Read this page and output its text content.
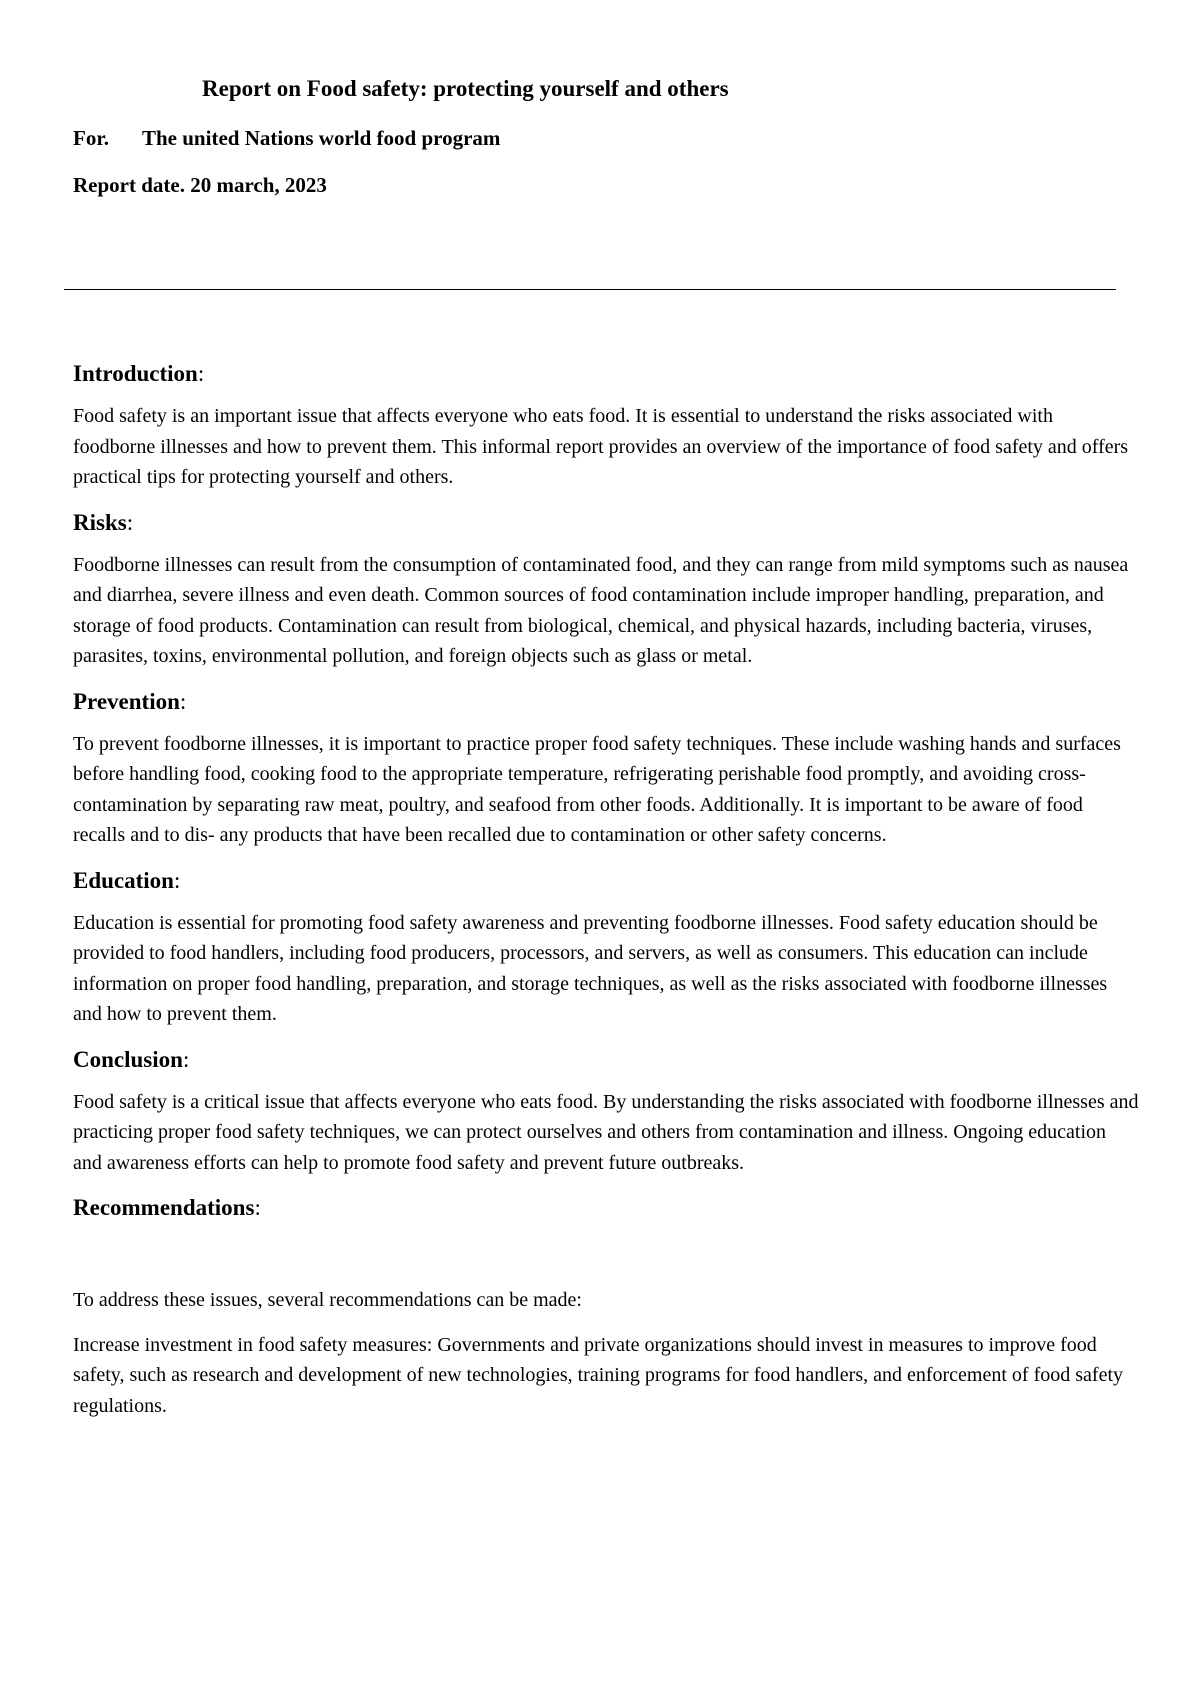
Report on Food safety: protecting yourself and others
For. The united Nations world food program
Report date. 20 march, 2023
Introduction:

Food safety is an important issue that affects everyone who eats food. It is essential to understand the risks associated with foodborne illnesses and how to prevent them. This informal report provides an overview of the importance of food safety and offers practical tips for protecting yourself and others.

Risks:

Foodborne illnesses can result from the consumption of contaminated food, and they can range from mild symptoms such as nausea and diarrhea, severe illness and even death. Common sources of food contamination include improper handling, preparation, and storage of food products. Contamination can result from biological, chemical, and physical hazards, including bacteria, viruses, parasites, toxins, environmental pollution, and foreign objects such as glass or metal.

Prevention:

To prevent foodborne illnesses, it is important to practice proper food safety techniques. These include washing hands and surfaces before handling food, cooking food to the appropriate temperature, refrigerating perishable food promptly, and avoiding cross-contamination by separating raw meat, poultry, and seafood from other foods. Additionally. It is important to be aware of food recalls and to dis- any products that have been recalled due to contamination or other safety concerns.

Education:

Education is essential for promoting food safety awareness and preventing foodborne illnesses. Food safety education should be provided to food handlers, including food producers, processors, and servers, as well as consumers. This education can include information on proper food handling, preparation, and storage techniques, as well as the risks associated with foodborne illnesses and how to prevent them.

Conclusion:

Food safety is a critical issue that affects everyone who eats food. By understanding the risks associated with foodborne illnesses and practicing proper food safety techniques, we can protect ourselves and others from contamination and illness. Ongoing education and awareness efforts can help to promote food safety and prevent future outbreaks.

Recommendations:

To address these issues, several recommendations can be made:

Increase investment in food safety measures: Governments and private organizations should invest in measures to improve food safety, such as research and development of new technologies, training programs for food handlers, and enforcement of food safety regulations.
